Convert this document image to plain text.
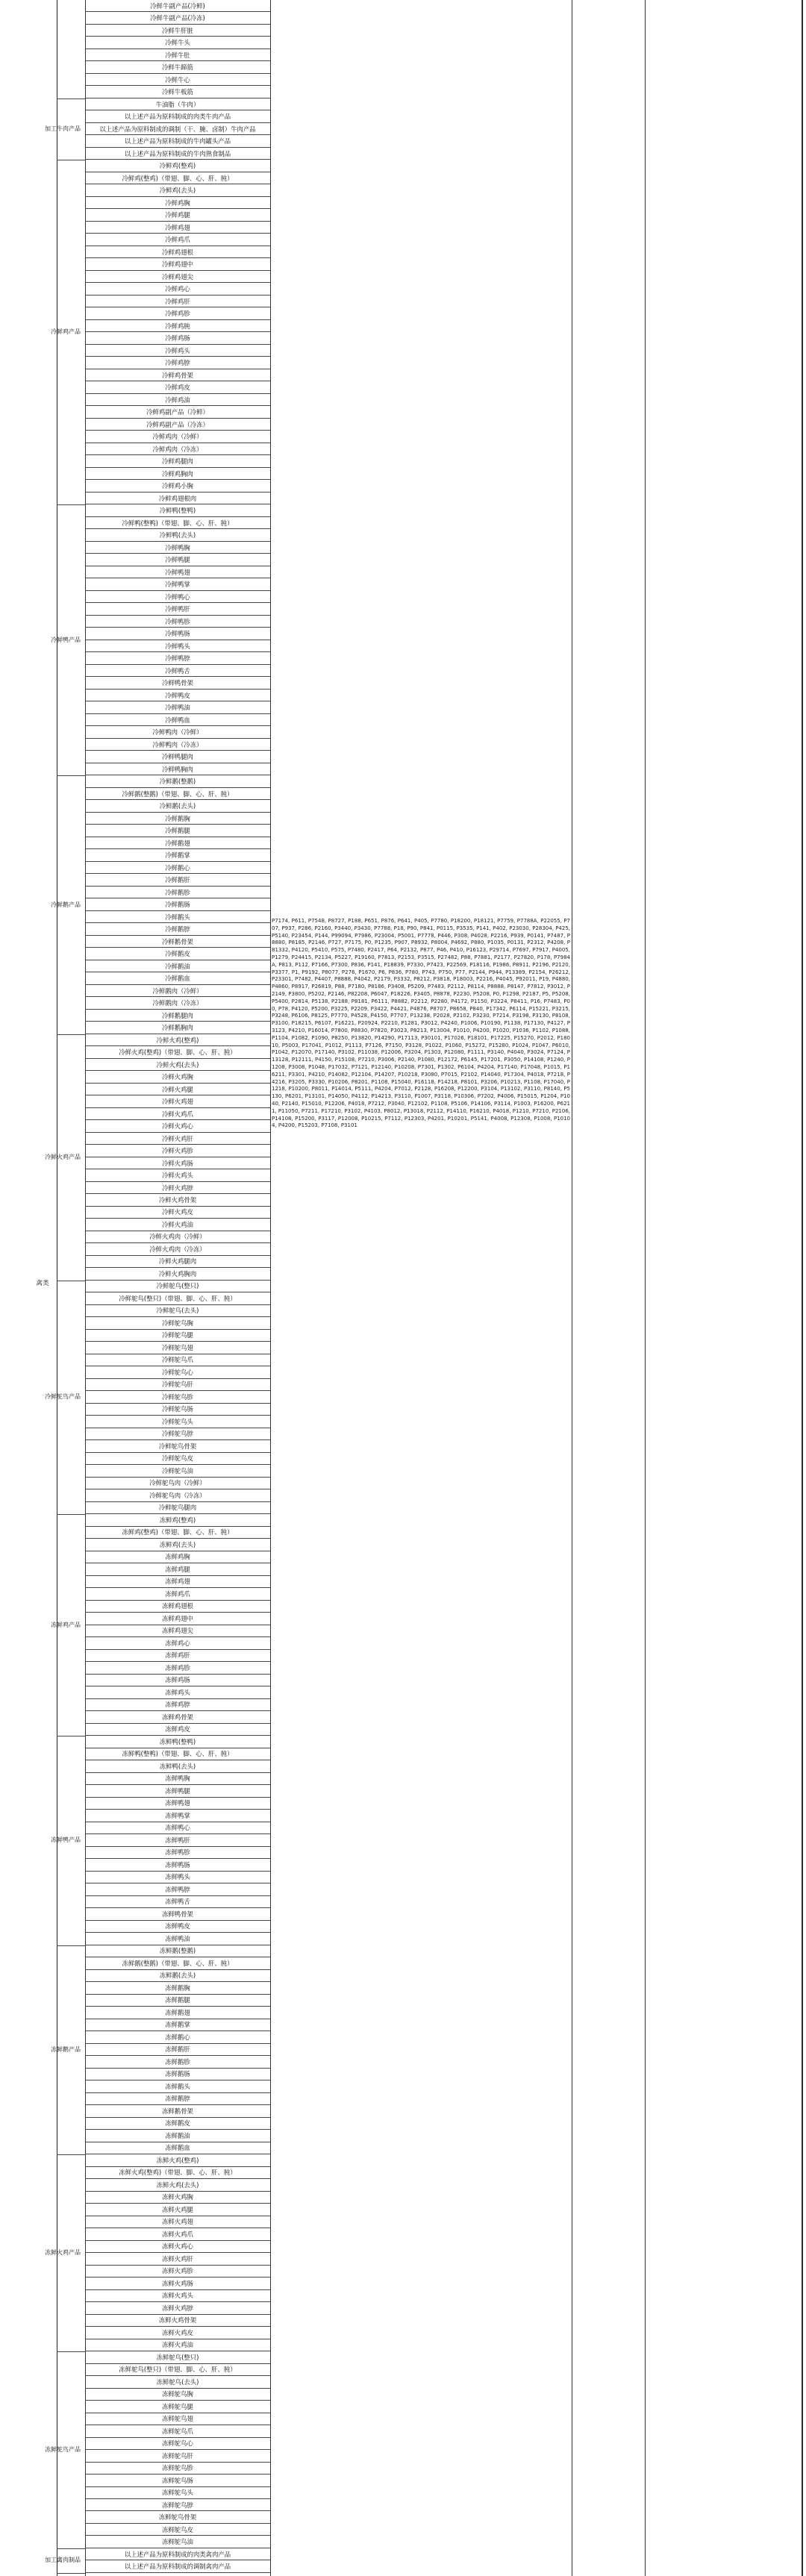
冷鲜牛副产品(冷鲜)
冷鲜牛副产品(冷冻)
冷鲜牛肝脏
冷鲜牛头
冷鲜牛肚
冷鲜牛蹄筋
冷鲜牛心
冷鲜牛板筋
牛油脂（牛肉）
以上述产品为原料制成的肉类牛肉产品
以上述产品为原料制成的调制（干、腌、卤制）牛肉产品
以上述产品为原料制成的牛肉罐头产品
以上述产品为原料制成的牛肉熟食制品
加工牛肉产品
冷鲜鸡(整鸡)
冷鲜鸡(整鸡)（带翅、脚、心、肝、肫）
冷鲜鸡(去头)
冷鲜鸡胸
冷鲜鸡腿
冷鲜鸡翅
冷鲜鸡爪
冷鲜鸡翅根
冷鲜鸡翅中
冷鲜鸡翅尖
冷鲜鸡心
冷鲜鸡肝
冷鲜鸡胗
冷鲜鸡肫
冷鲜鸡肠
冷鲜鸡头
冷鲜鸡脖
冷鲜鸡骨架
冷鲜鸡皮
冷鲜鸡油
冷鲜鸡副产品（冷鲜）
冷鲜鸡副产品（冷冻）
冷鲜鸡肉（冷鲜）
冷鲜鸡肉（冷冻）
冷鲜鸡腿肉
冷鲜鸡胸肉
冷鲜鸡小胸
冷鲜鸡翅根肉
冷鲜鸡产品
冷鲜鸭(整鸭)
冷鲜鸭(整鸭)（带翅、脚、心、肝、肫）
冷鲜鸭(去头)
冷鲜鸭胸
冷鲜鸭腿
冷鲜鸭翅
冷鲜鸭掌
冷鲜鸭心
冷鲜鸭肝
冷鲜鸭胗
冷鲜鸭肠
冷鲜鸭头
冷鲜鸭脖
冷鲜鸭舌
冷鲜鸭骨架
冷鲜鸭皮
冷鲜鸭油
冷鲜鸭血
冷鲜鸭肉（冷鲜）
冷鲜鸭肉（冷冻）
冷鲜鸭腿肉
冷鲜鸭胸肉
冷鲜鸭产品
冷鲜鹅(整鹅)
冷鲜鹅(整鹅)（带翅、脚、心、肝、肫）
冷鲜鹅(去头)
冷鲜鹅胸
冷鲜鹅腿
冷鲜鹅翅
冷鲜鹅掌
冷鲜鹅心
冷鲜鹅肝
冷鲜鹅胗
冷鲜鹅肠
冷鲜鹅头
冷鲜鹅脖
冷鲜鹅骨架
冷鲜鹅皮
冷鲜鹅油
冷鲜鹅血
冷鲜鹅肉（冷鲜）
冷鲜鹅肉（冷冻）
冷鲜鹅腿肉
冷鲜鹅胸肉
冷鲜鹅产品
冷鲜火鸡(整鸡)
冷鲜火鸡(整鸡)（带翅、脚、心、肝、肫）
冷鲜火鸡(去头)
冷鲜火鸡胸
冷鲜火鸡腿
冷鲜火鸡翅
冷鲜火鸡爪
冷鲜火鸡心
冷鲜火鸡肝
冷鲜火鸡胗
冷鲜火鸡肠
冷鲜火鸡头
冷鲜火鸡脖
冷鲜火鸡骨架
冷鲜火鸡皮
冷鲜火鸡油
冷鲜火鸡肉（冷鲜）
冷鲜火鸡肉（冷冻）
冷鲜火鸡腿肉
冷鲜火鸡胸肉
冷鲜火鸡产品
冷鲜鸵鸟(整只)
冷鲜鸵鸟(整只)（带翅、脚、心、肝、肫）
冷鲜鸵鸟(去头)
冷鲜鸵鸟胸
冷鲜鸵鸟腿
冷鲜鸵鸟翅
冷鲜鸵鸟爪
冷鲜鸵鸟心
冷鲜鸵鸟肝
冷鲜鸵鸟胗
冷鲜鸵鸟肠
冷鲜鸵鸟头
冷鲜鸵鸟脖
冷鲜鸵鸟骨架
冷鲜鸵鸟皮
冷鲜鸵鸟油
冷鲜鸵鸟肉（冷鲜）
冷鲜鸵鸟肉（冷冻）
冷鲜鸵鸟腿肉
冷鲜鸵鸟产品
冻鲜鸡(整鸡)
冻鲜鸡(整鸡)（带翅、脚、心、肝、肫）
冻鲜鸡(去头)
冻鲜鸡胸
冻鲜鸡腿
冻鲜鸡翅
冻鲜鸡爪
冻鲜鸡翅根
冻鲜鸡翅中
冻鲜鸡翅尖
冻鲜鸡心
冻鲜鸡肝
冻鲜鸡胗
冻鲜鸡肠
冻鲜鸡头
冻鲜鸡脖
冻鲜鸡骨架
冻鲜鸡皮
冻鲜鸡产品
冻鲜鸭(整鸭)
冻鲜鸭(整鸭)（带翅、脚、心、肝、肫）
冻鲜鸭(去头)
冻鲜鸭胸
冻鲜鸭腿
冻鲜鸭翅
冻鲜鸭掌
冻鲜鸭心
冻鲜鸭肝
冻鲜鸭胗
冻鲜鸭肠
冻鲜鸭头
冻鲜鸭脖
冻鲜鸭舌
冻鲜鸭骨架
冻鲜鸭皮
冻鲜鸭油
冻鲜鸭产品
冻鲜鹅(整鹅)
冻鲜鹅(整鹅)（带翅、脚、心、肝、肫）
冻鲜鹅(去头)
冻鲜鹅胸
冻鲜鹅腿
冻鲜鹅翅
冻鲜鹅掌
冻鲜鹅心
冻鲜鹅肝
冻鲜鹅胗
冻鲜鹅肠
冻鲜鹅头
冻鲜鹅脖
冻鲜鹅骨架
冻鲜鹅皮
冻鲜鹅油
冻鲜鹅血
冻鲜鹅产品
冻鲜火鸡(整鸡)
冻鲜火鸡(整鸡)（带翅、脚、心、肝、肫）
冻鲜火鸡(去头)
冻鲜火鸡胸
冻鲜火鸡腿
冻鲜火鸡翅
冻鲜火鸡爪
冻鲜火鸡心
冻鲜火鸡肝
冻鲜火鸡胗
冻鲜火鸡肠
冻鲜火鸡头
冻鲜火鸡脖
冻鲜火鸡骨架
冻鲜火鸡皮
冻鲜火鸡油
冻鲜火鸡产品
冻鲜鸵鸟(整只)
冻鲜鸵鸟(整只)（带翅、脚、心、肝、肫）
冻鲜鸵鸟(去头)
冻鲜鸵鸟胸
冻鲜鸵鸟腿
冻鲜鸵鸟翅
冻鲜鸵鸟爪
冻鲜鸵鸟心
冻鲜鸵鸟肝
冻鲜鸵鸟胗
冻鲜鸵鸟肠
冻鲜鸵鸟头
冻鲜鸵鸟脖
冻鲜鸵鸟骨架
冻鲜鸵鸟皮
冻鲜鸵鸟油
冻鲜鸵鸟产品
以上述产品为原料制成的肉类禽肉产品
以上述产品为原料制成的调制禽肉产品
加工禽肉制品
禽类
P7174, P611, P7548, P8727, P188, P651, P876, P641, P405, P7780, P18200, P18121, P7759, P7788A, P22055, P707, P937, P286, P2160, P3440, P3430, P7788, P18, P90, P841, P0115, P3535, P141, P402, P23030, P28304, P425, P5140, P23454, P144, P99094, P7986, P23004, P5001, P7778, P446, P308, P4028, P2216, P939, P0141, P7487, P8880, P8185, P2146, P727, P7175, P0, P1235, P907, P8932, P8004, P4692, P880, P1035, P0131, P2312, P4208, P81332, P4120, P5410, P575, P7480, P2417, P64, P2132, P877, P46, P410, P16123, P29714, P7697, P7917, P4005, P1279, P24415, P2134, P5227, P19160, P7813, P2153, P3515, P27482, P88, P7881, P2177, P27820, P178, P7984A, P813, P112, P7166, P7300, P836, P141, P18839, P7330, P7423, P22569, P18116, P1986, P8911, P2196, P2120, P3377, P1, P9192, P8077, P276, P1670, P6, P836, P780, P743, P750, P77, P2144, P944, P13389, P2154, P26212, P23301, P7482, P4407, P8888, P4042, P2179, P3332, P8212, P3818, P18003, P2216, P4045, P92011, P19, P4880, P4860, P8917, P26819, P88, P7180, P8186, P3408, P5209, P7483, P2112, P8114, P8888, P8147, P7812, P3012, P2149, P3800, P5202, P2146, P82208, P6047, P18226, P3405, P8878, P2230, P5208, P0, P1298, P2187, P5, P5208, P5400, P2814, P5138, P2188, P8181, P6111, P8882, P2212, P2280, P4172, P1150, P3224, P8411, P16, P7483, P00, P78, P4120, P5200, P3225, P2209, P3422, P4421, P4876, P8707, P8658, P840, P17342, P6114, P15221, P3215, P3248, P6106, P8125, P7770, P4528, P4150, P7707, P13238, P2028, P2102, P3230, P7214, P3198, P3130, P8108, P3100, P18215, P6107, P16221, P20924, P2210, P1281, P3012, P4240, P1006, P10190, P1138, P17130, P4127, P3123, P4210, P16014, P7800, P8830, P7820, P3023, P8213, P13004, P1010, P4200, P1020, P1036, P1102, P1088, P1104, P1082, P1090, P8250, P13820, P14290, P17113, P30101, P17026, P18101, P17225, P15270, P2012, P18010, P5003, P17041, P1012, P1113, P7126, P7150, P3128, P1022, P1060, P15272, P15280, P1024, P1047, P6010, P1042, P12070, P17140, P3102, P11038, P12006, P3204, P1303, P12080, P1111, P3140, P4040, P3024, P7124, P13128, P12111, P4150, P15108, P7210, P3006, P2140, P1080, P12172, P6145, P17201, P3050, P14108, P1240, P1208, P3008, P1048, P17032, P7121, P12140, P10208, P7301, P1302, P6104, P4204, P17140, P17048, P1015, P16211, P3301, P4210, P14082, P12104, P14207, P10218, P3080, P7015, P2102, P14040, P17304, P4018, P7218, P4216, P3205, P3330, P10206, P8201, P1108, P15040, P16118, P14218, P8101, P3206, P10213, P1108, P17040, P1218, P10200, P8011, P14014, P5111, P4204, P7012, P2128, P16208, P12200, P3104, P13102, P3110, P8140, P5130, P6201, P13101, P14050, P4112, P14213, P3110, P1007, P3118, P10306, P7202, P4006, P15015, P1204, P1040, P2140, P15010, P12206, P4018, P7212, P3040, P12102, P1108, P5106, P14106, P3114, P1003, P16200, P6211, P11050, P7211, P17210, P3102, P4103, P8012, P13018, P2112, P14110, P16210, P4018, P1210, P7210, P2106, P14108, P15200, P3117, P12008, P10215, P7112, P12303, P4201, P10201, P5141, P4008, P12308, P1008, P10104, P4200, P15203, P7108, P3101
